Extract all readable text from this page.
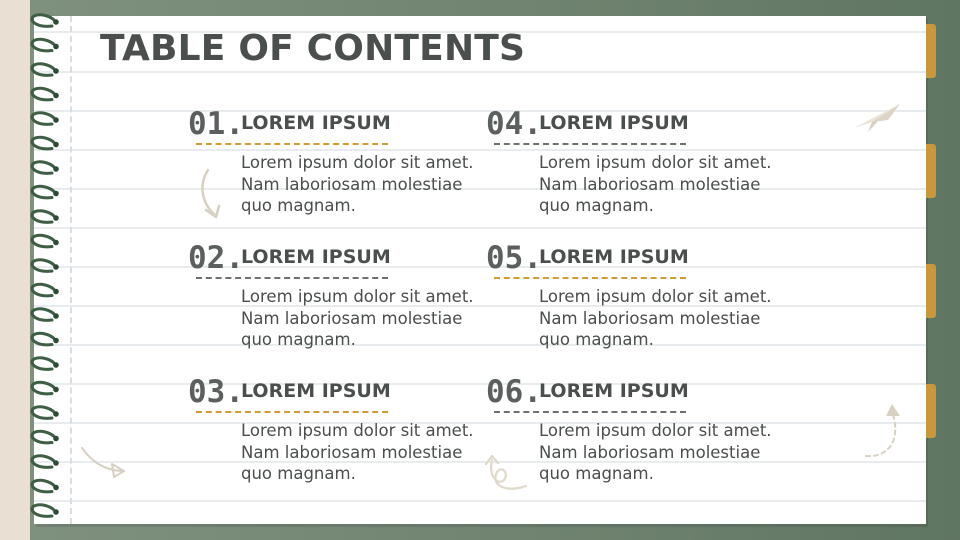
TABLE OF CONTENTS
01.
LOREM IPSUM

Lorem ipsum dolor sit amet. Nam laboriosam molestiae quo magnam.

02.
LOREM IPSUM

Lorem ipsum dolor sit amet. Nam laboriosam molestiae quo magnam.

03.
LOREM IPSUM

Lorem ipsum dolor sit amet. Nam laboriosam molestiae quo magnam.

04.
LOREM IPSUM

Lorem ipsum dolor sit amet. Nam laboriosam molestiae quo magnam.

05.
LOREM IPSUM

Lorem ipsum dolor sit amet. Nam laboriosam molestiae quo magnam.

06.
LOREM IPSUM

Lorem ipsum dolor sit amet. Nam laboriosam molestiae quo magnam.
